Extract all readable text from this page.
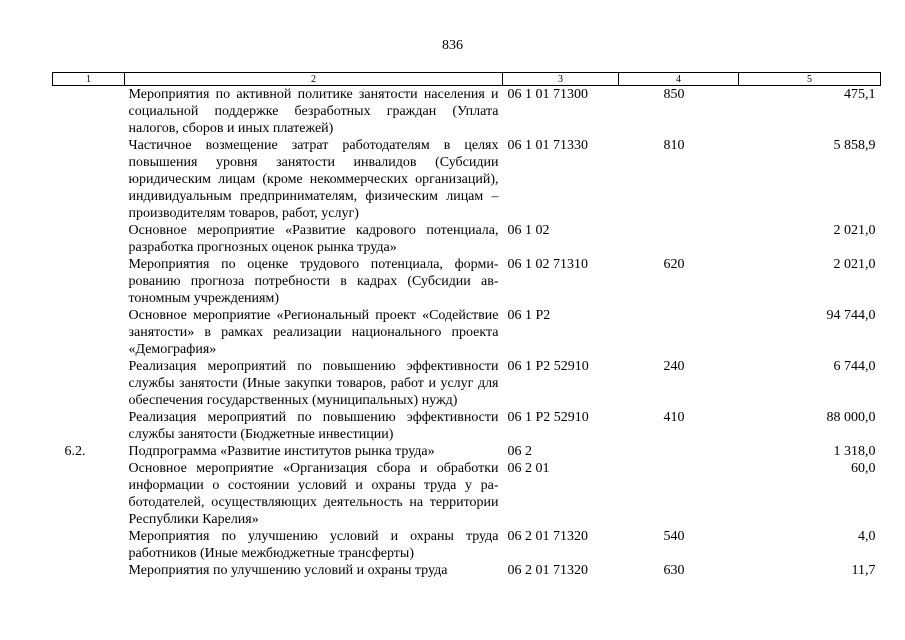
836
1	2	3	4	5
	Мероприятия по активной политике занятости населения и социальной поддержке безработных граждан (Уплата налогов, сборов и иных платежей)	06 1 01 71300	850	475,1
	Частичное возмещение затрат работодателям в целях повышения уровня занятости инвалидов (Субсидии юридическим лицам (кроме некоммерческих организаций), индивидуальным предпринимателям, физическим лицам – производителям товаров, работ, услуг)	06 1 01 71330	810	5 858,9
	Основное мероприятие «Развитие кадрового потенциала, разработка прогнозных оценок рынка труда»	06 1 02		2 021,0
	Мероприятия по оценке трудового потенциала, формированию прогноза потребности в кадрах (Субсидии автономным учреждениям)	06 1 02 71310	620	2 021,0
	Основное мероприятие «Региональный проект «Содействие занятости» в рамках реализации национального проекта «Демография»	06 1 P2		94 744,0
	Реализация мероприятий по повышению эффективности службы занятости (Иные закупки товаров, работ и услуг для обеспечения государственных (муниципальных) нужд)	06 1 P2 52910	240	6 744,0
	Реализация мероприятий по повышению эффективности службы занятости (Бюджетные инвестиции)	06 1 P2 52910	410	88 000,0
6.2.	Подпрограмма «Развитие институтов рынка труда»	06 2		1 318,0
	Основное мероприятие «Организация сбора и обработки информации о состоянии условий и охраны труда у работодателей, осуществляющих деятельность на территории Республики Карелия»	06 2 01		60,0
	Мероприятия по улучшению условий и охраны труда работников (Иные межбюджетные трансферты)	06 2 01 71320	540	4,0
	Мероприятия по улучшению условий и охраны труда	06 2 01 71320	630	11,7
